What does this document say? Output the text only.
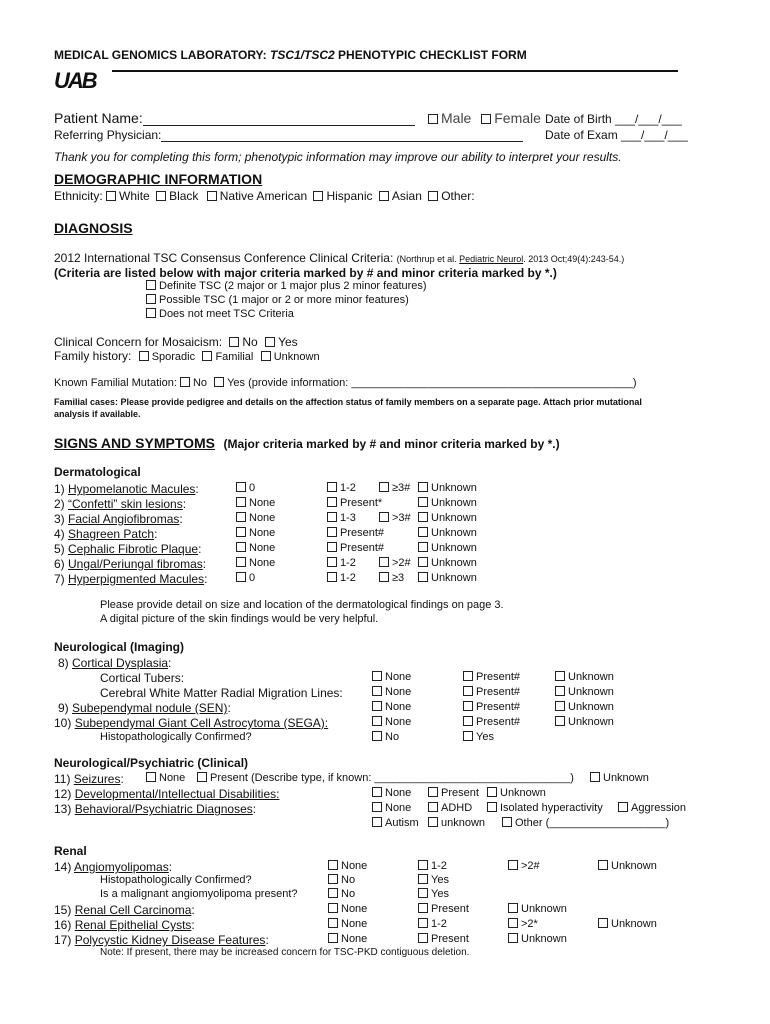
MEDICAL GENOMICS LABORATORY: TSC1/TSC2 PHENOTYPIC CHECKLIST FORM
UAB
Patient Name:	Male Female Date of Birth ___/___/___
Referring Physician:	Date of Exam ___/___/___
Thank you for completing this form; phenotypic information may improve our ability to interpret your results.
DEMOGRAPHIC INFORMATION
Ethnicity: White Black Native American Hispanic Asian Other:
DIAGNOSIS
2012 International TSC Consensus Conference Clinical Criteria: (Northrup et al. Pediatric Neurol. 2013 Oct;49(4):243-54.)
(Criteria are listed below with major criteria marked by # and minor criteria marked by *.)
Definite TSC (2 major or 1 major plus 2 minor features)
Possible TSC (1 major or 2 or more minor features)
Does not meet TSC Criteria
Clinical Concern for Mosaicism: No Yes
Family history: Sporadic Familial Unknown
Known Familial Mutation: No Yes (provide information: ______________________________________________)
Familial cases: Please provide pedigree and details on the affection status of family members on a separate page. Attach prior mutational
analysis if available.
SIGNS AND SYMPTOMS (Major criteria marked by # and minor criteria marked by *.)
Dermatological
1) Hypomelanotic Macules:	0	1-2	≥3#	Unknown
2) “Confetti” skin lesions:	None	Present*	Unknown
3) Facial Angiofibromas:	None	1-3	>3#	Unknown
4) Shagreen Patch:	None	Present#	Unknown
5) Cephalic Fibrotic Plaque:	None	Present#	Unknown
6) Ungal/Periungal fibromas:	None	1-2	>2#	Unknown
7) Hyperpigmented Macules:	0	1-2	≥3	Unknown
Please provide detail on size and location of the dermatological findings on page 3.
A digital picture of the skin findings would be very helpful.
Neurological (Imaging)
8) Cortical Dysplasia:
Cortical Tubers:	None	Present#	Unknown
Cerebral White Matter Radial Migration Lines:	None	Present#	Unknown
9) Subependymal nodule (SEN):	None	Present#	Unknown
10) Subependymal Giant Cell Astrocytoma (SEGA):	None	Present#	Unknown
Histopathologically Confirmed?	No	Yes
Neurological/Psychiatric (Clinical)
11) Seizures:	None	Present (Describe type, if known: ________________________________)	Unknown
12) Developmental/Intellectual Disabilities:	None	Present	Unknown
13) Behavioral/Psychiatric Diagnoses:	None	ADHD	Isolated hyperactivity	Aggression
Autism	unknown	Other (___________________)
Renal
14) Angiomyolipomas:	None	1-2	>2#	Unknown
Histopathologically Confirmed?	No	Yes
Is a malignant angiomyolipoma present?	No	Yes
15) Renal Cell Carcinoma:	None	Present	Unknown
16) Renal Epithelial Cysts:	None	1-2	>2*	Unknown
17) Polycystic Kidney Disease Features:	None	Present	Unknown
Note: If present, there may be increased concern for TSC-PKD contiguous deletion.
